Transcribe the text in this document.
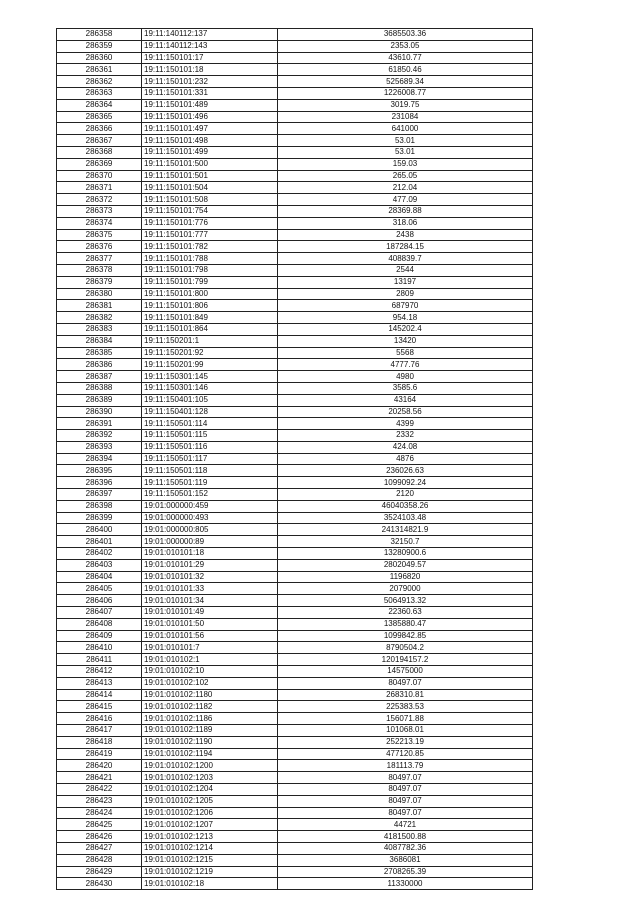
286358	19:11:140112:137	3685503.36
286359	19:11:140112:143	2353.05
286360	19:11:150101:17	43610.77
286361	19:11:150101:18	61850.46
286362	19:11:150101:232	525689.34
286363	19:11:150101:331	1226008.77
286364	19:11:150101:489	3019.75
286365	19:11:150101:496	231084
286366	19:11:150101:497	641000
286367	19:11:150101:498	53.01
286368	19:11:150101:499	53.01
286369	19:11:150101:500	159.03
286370	19:11:150101:501	265.05
286371	19:11:150101:504	212.04
286372	19:11:150101:508	477.09
286373	19:11:150101:754	28369.88
286374	19:11:150101:776	318.06
286375	19:11:150101:777	2438
286376	19:11:150101:782	187284.15
286377	19:11:150101:788	408839.7
286378	19:11:150101:798	2544
286379	19:11:150101:799	13197
286380	19:11:150101:800	2809
286381	19:11:150101:806	687970
286382	19:11:150101:849	954.18
286383	19:11:150101:864	145202.4
286384	19:11:150201:1	13420
286385	19:11:150201:92	5568
286386	19:11:150201:99	4777.76
286387	19:11:150301:145	4980
286388	19:11:150301:146	3585.6
286389	19:11:150401:105	43164
286390	19:11:150401:128	20258.56
286391	19:11:150501:114	4399
286392	19:11:150501:115	2332
286393	19:11:150501:116	424.08
286394	19:11:150501:117	4876
286395	19:11:150501:118	236026.63
286396	19:11:150501:119	1099092.24
286397	19:11:150501:152	2120
286398	19:01:000000:459	46040358.26
286399	19:01:000000:493	3524103.48
286400	19:01:000000:805	241314821.9
286401	19:01:000000:89	32150.7
286402	19:01:010101:18	13280900.6
286403	19:01:010101:29	2802049.57
286404	19:01:010101:32	1196820
286405	19:01:010101:33	2079000
286406	19:01:010101:34	5064913.32
286407	19:01:010101:49	22360.63
286408	19:01:010101:50	1385880.47
286409	19:01:010101:56	1099842.85
286410	19:01:010101:7	8790504.2
286411	19:01:010102:1	120194157.2
286412	19:01:010102:10	14575000
286413	19:01:010102:102	80497.07
286414	19:01:010102:1180	268310.81
286415	19:01:010102:1182	225383.53
286416	19:01:010102:1186	156071.88
286417	19:01:010102:1189	101068.01
286418	19:01:010102:1190	252213.19
286419	19:01:010102:1194	477120.85
286420	19:01:010102:1200	181113.79
286421	19:01:010102:1203	80497.07
286422	19:01:010102:1204	80497.07
286423	19:01:010102:1205	80497.07
286424	19:01:010102:1206	80497.07
286425	19:01:010102:1207	44721
286426	19:01:010102:1213	4181500.88
286427	19:01:010102:1214	4087782.36
286428	19:01:010102:1215	3686081
286429	19:01:010102:1219	2708265.39
286430	19:01:010102:18	11330000
